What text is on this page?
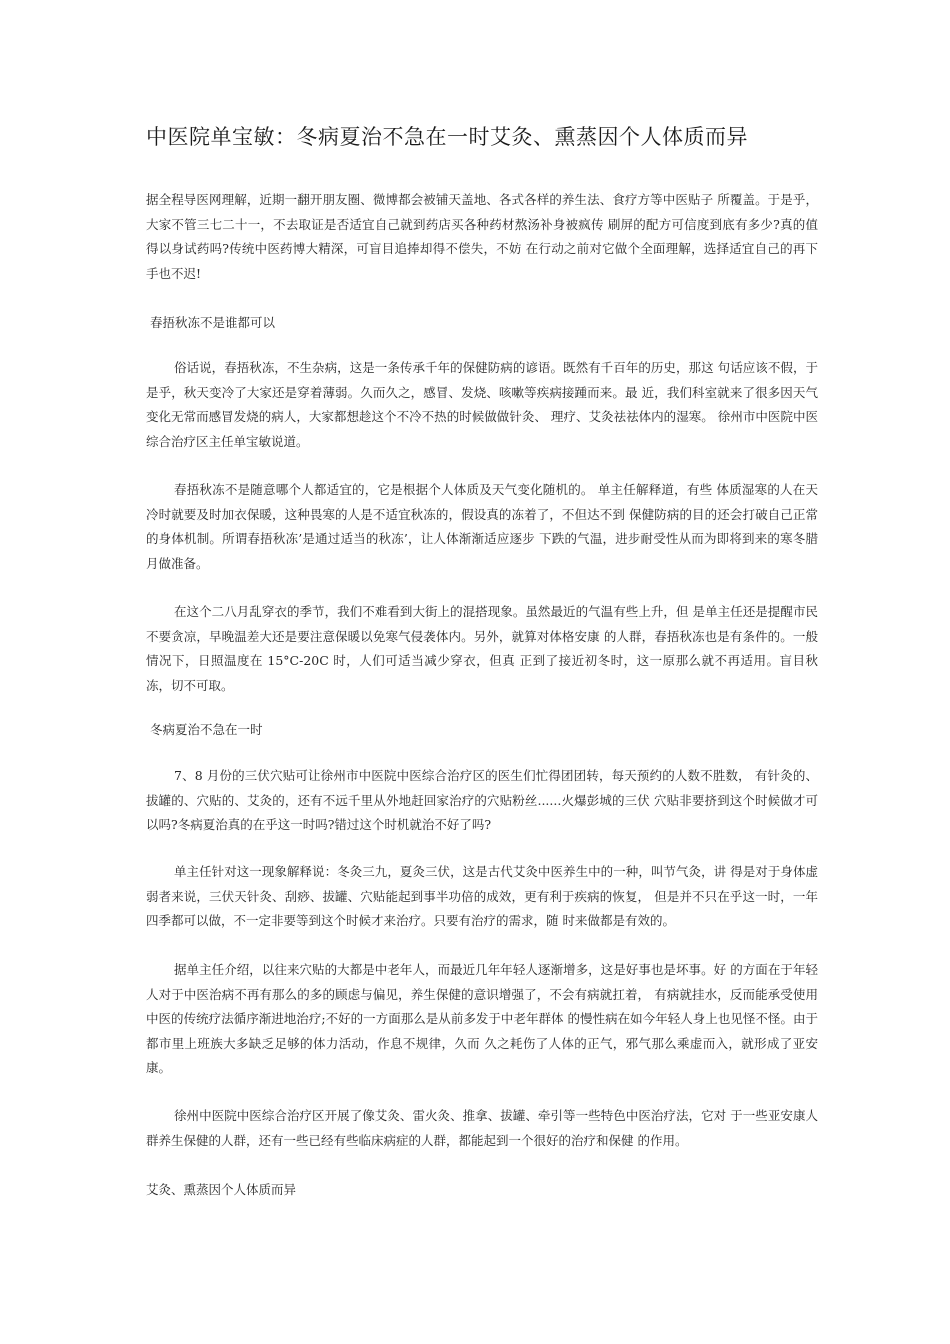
中医院单宝敏：冬病夏治不急在一时艾灸、熏蒸因个人体质而异
据全程导医网理解，近期一翻开朋友圈、微博都会被铺天盖地、各式各样的养生法、食疗方等中医贴子 所覆盖。于是乎，大家不管三七二十一，不去取证是否适宜自己就到药店买各种药材熬汤补身被疯传 刷屏的配方可信度到底有多少?真的值得以身试药吗?传统中医药博大精深，可盲目追捧却得不偿失，不妨 在行动之前对它做个全面理解，选择适宜自己的再下手也不迟!
春捂秋冻不是谁都可以
俗话说，春捂秋冻，不生杂病，这是一条传承千年的保健防病的谚语。既然有千百年的历史，那这 句话应该不假，于是乎，秋天变冷了大家还是穿着薄弱。久而久之，感冒、发烧、咳嗽等疾病接踵而来。最 近，我们科室就来了很多因天气变化无常而感冒发烧的病人，大家都想趁这个不冷不热的时候做做针灸、 理疗、艾灸祛祛体内的湿寒。 徐州市中医院中医综合治疗区主任单宝敏说道。
春捂秋冻不是随意哪个人都适宜的，它是根据个人体质及天气变化随机的。 单主任解释道，有些 体质湿寒的人在天冷时就要及时加衣保暖，这种畏寒的人是不适宜秋冻的，假设真的冻着了，不但达不到 保健防病的目的还会打破自己正常的身体机制。所谓春捂秋冻’是通过适当的秋冻’，让人体渐渐适应逐步 下跌的气温，进步耐受性从而为即将到来的寒冬腊月做准备。
在这个二八月乱穿衣的季节，我们不难看到大街上的混搭现象。虽然最近的气温有些上升，但 是单主任还是提醒市民不要贪凉，早晚温差大还是要注意保暖以免寒气侵袭体内。另外，就算对体格安康 的人群，春捂秋冻也是有条件的。一般情况下，日照温度在 15°C-20C 时，人们可适当减少穿衣，但真 正到了接近初冬时，这一原那么就不再适用。盲目秋冻，切不可取。
冬病夏治不急在一时
7、8 月份的三伏穴贴可让徐州市中医院中医综合治疗区的医生们忙得团团转，每天预约的人数不胜数， 有针灸的、拔罐的、穴贴的、艾灸的，还有不远千里从外地赶回家治疗的穴贴粉丝......火爆彭城的三伏 穴贴非要挤到这个时候做才可以吗?冬病夏治真的在乎这一时吗?错过这个时机就治不好了吗?
单主任针对这一现象解释说：冬灸三九，夏灸三伏，这是古代艾灸中医养生中的一种，叫节气灸，讲 得是对于身体虚弱者来说，三伏天针灸、刮痧、拔罐、穴贴能起到事半功倍的成效，更有利于疾病的恢复， 但是并不只在乎这一时，一年四季都可以做，不一定非要等到这个时候才来治疗。只要有治疗的需求，随 时来做都是有效的。
据单主任介绍，以往来穴贴的大都是中老年人，而最近几年年轻人逐渐增多，这是好事也是坏事。好 的方面在于年轻人对于中医治病不再有那么的多的顾虑与偏见，养生保健的意识增强了，不会有病就扛着， 有病就挂水，反而能承受使用中医的传统疗法循序渐进地治疗;不好的一方面那么是从前多发于中老年群体 的慢性病在如今年轻人身上也见怪不怪。由于都市里上班族大多缺乏足够的体力活动，作息不规律，久而 久之耗伤了人体的正气，邪气那么乘虚而入，就形成了亚安康。
徐州中医院中医综合治疗区开展了像艾灸、雷火灸、推拿、拔罐、牵引等一些特色中医治疗法，它对 于一些亚安康人群养生保健的人群，还有一些已经有些临床病症的人群，都能起到一个很好的治疗和保健 的作用。
艾灸、熏蒸因个人体质而异
